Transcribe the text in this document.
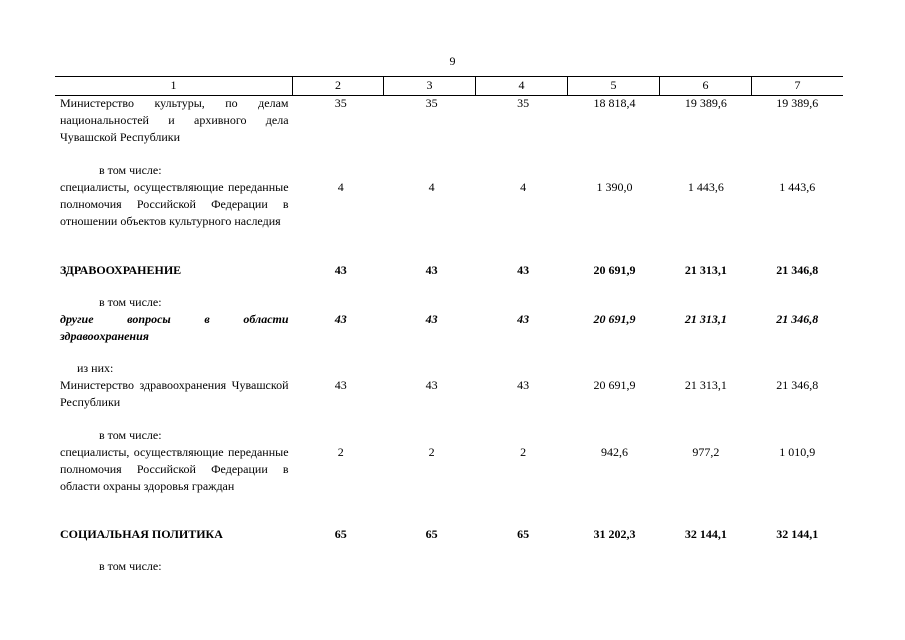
9
1	2	3	4	5	6	7
Министерство культуры, по делам национальностей и архивного дела Чувашской Республики
35	35	35	18 818,4	19 389,6	19 389,6
в том числе:
специалисты, осуществляющие переданные полномочия Российской Федерации в отношении объектов культурного наследия
4	4	4	1 390,0	1 443,6	1 443,6
ЗДРАВООХРАНЕНИЕ	43	43	43	20 691,9	21 313,1	21 346,8
в том числе:
другие вопросы в области здравоохранения
43	43	43	20 691,9	21 313,1	21 346,8
из них:
Министерство здравоохранения Чувашской Республики
43	43	43	20 691,9	21 313,1	21 346,8
в том числе:
специалисты, осуществляющие переданные полномочия Российской Федерации в области охраны здоровья граждан
2	2	2	942,6	977,2	1 010,9
СОЦИАЛЬНАЯ ПОЛИТИКА	65	65	65	31 202,3	32 144,1	32 144,1
в том числе:
